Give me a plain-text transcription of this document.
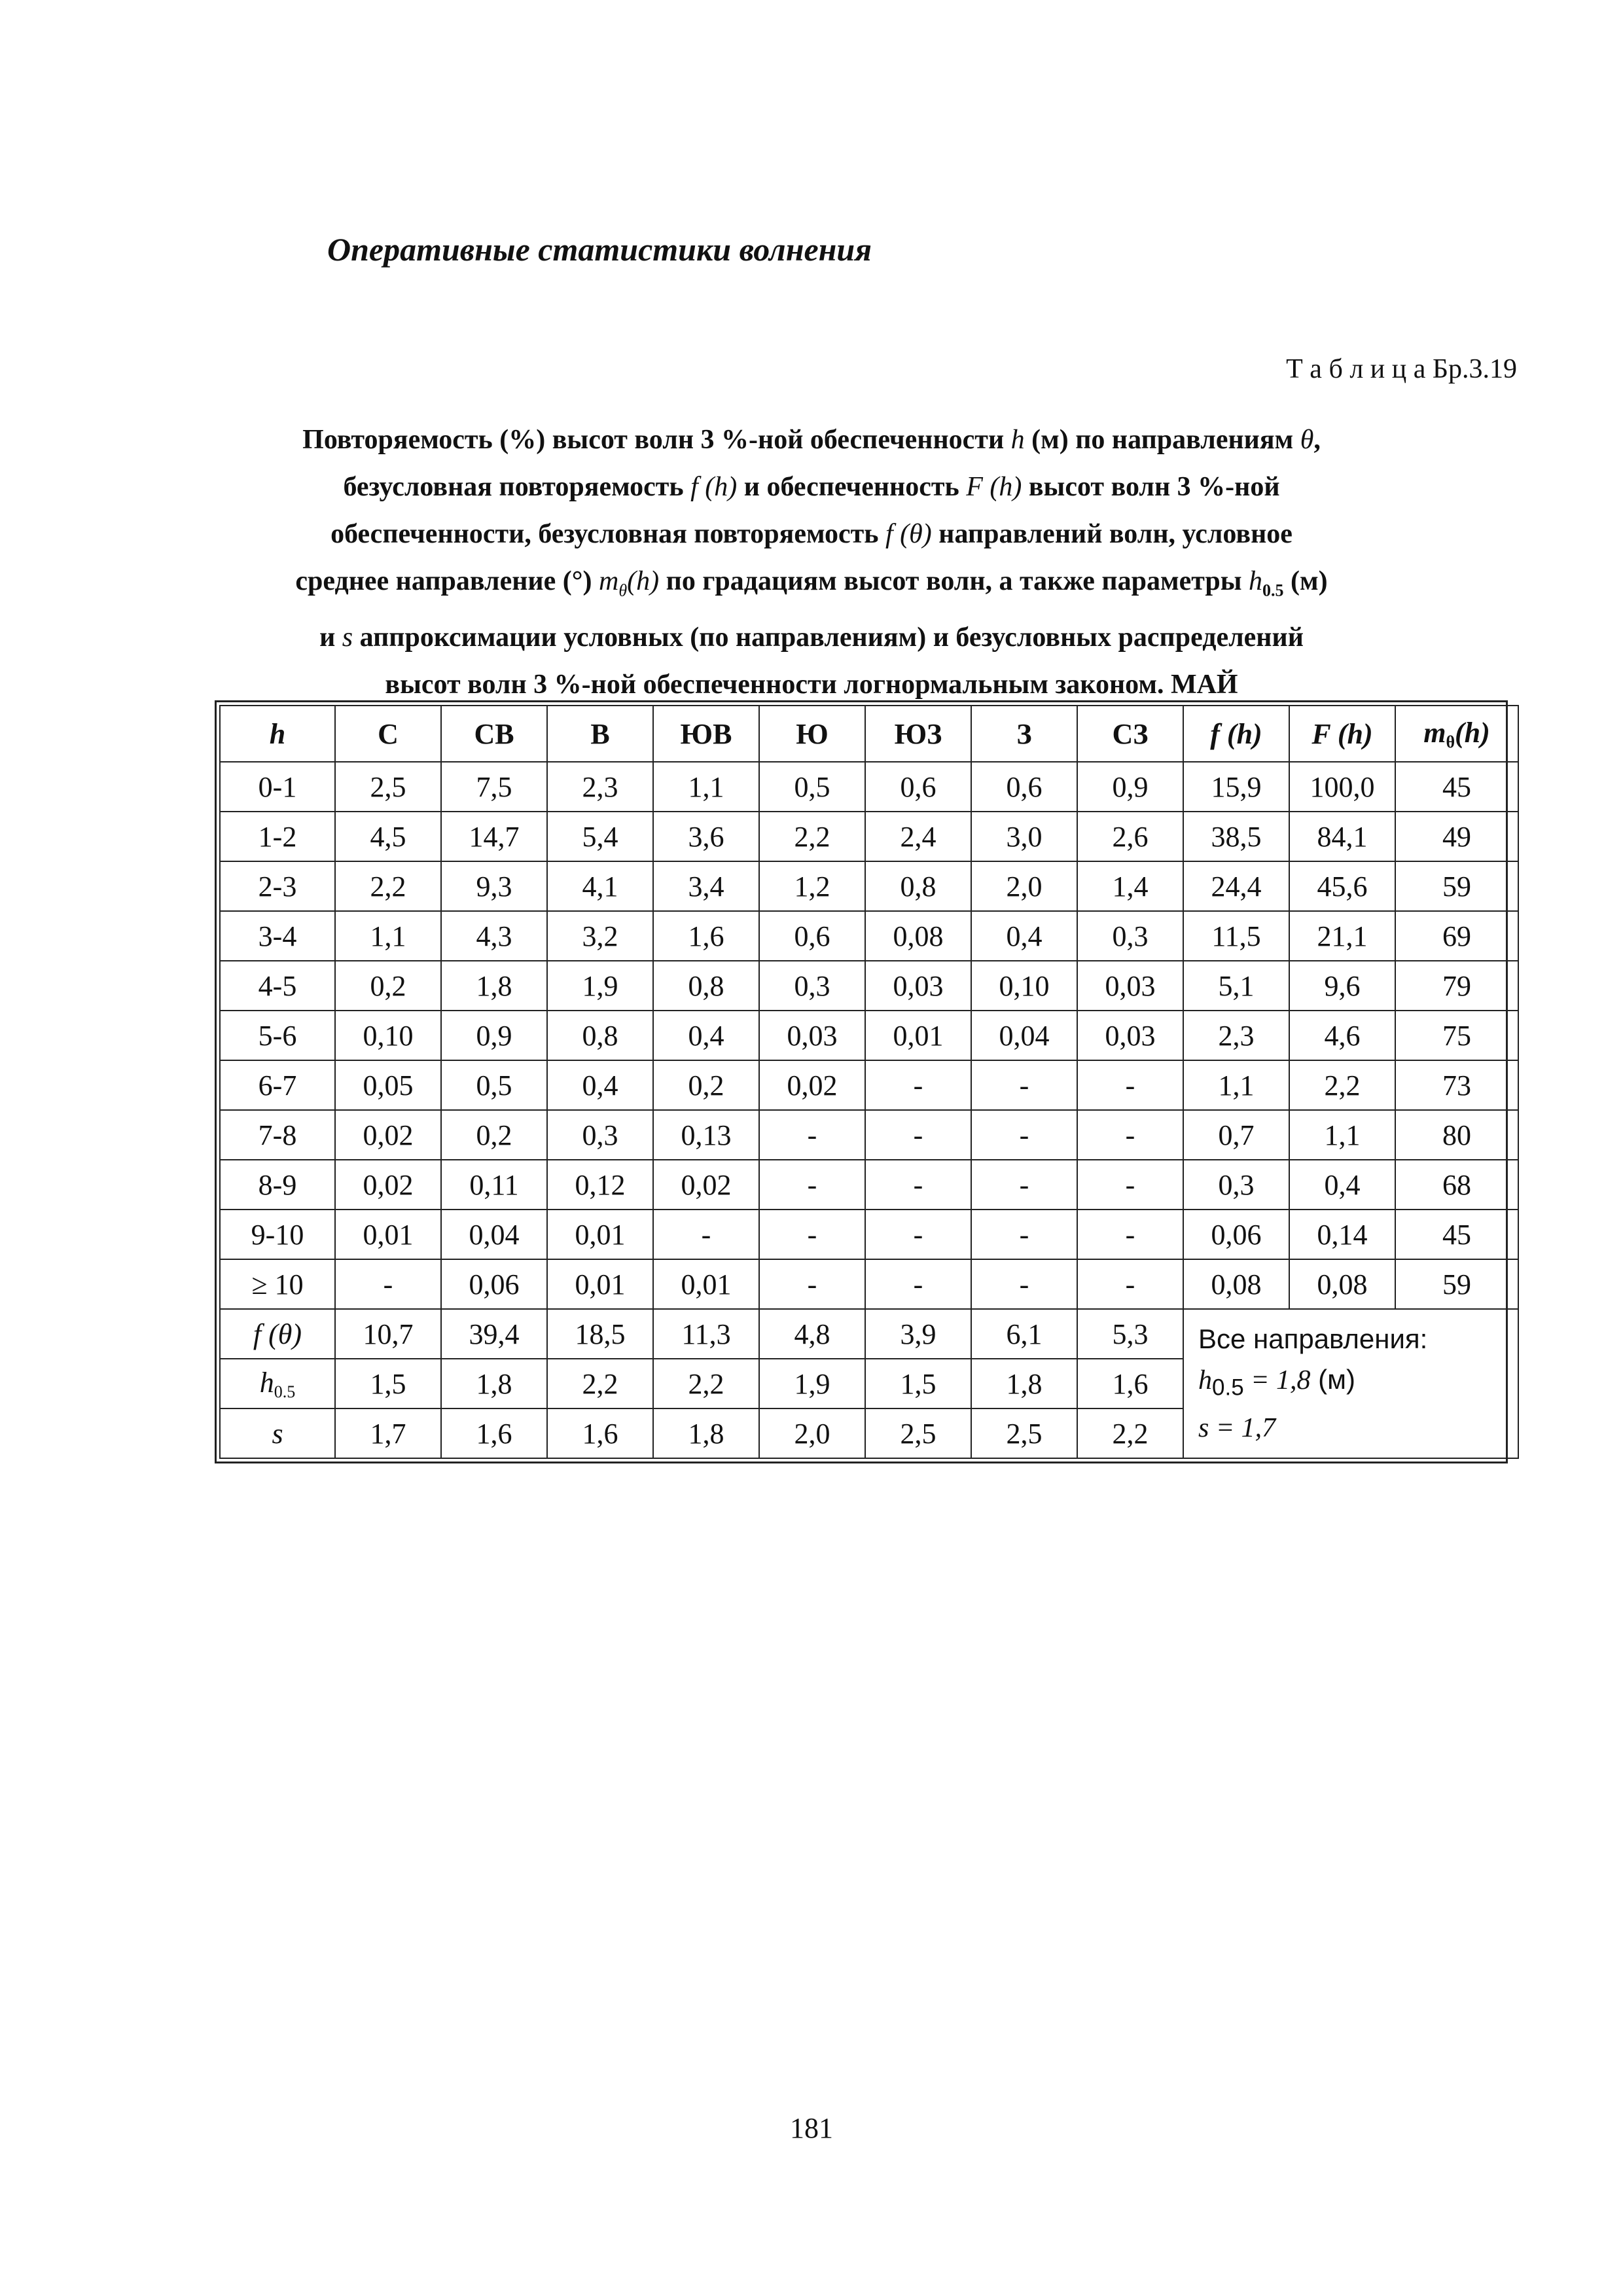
Оперативные статистики волнения
Т а б л и ц а Бр.3.19
Повторяемость (%) высот волн 3 %-ной обеспеченности h (м) по направлениям θ,
безусловная повторяемость f (h) и обеспеченность F (h) высот волн 3 %-ной
обеспеченности, безусловная повторяемость f (θ) направлений волн, условное
среднее направление (°) $m_\theta(h)$ по градациям высот волн, а также параметры $h_{0.5}$ (м)
и s аппроксимации условных (по направлениям) и безусловных распределений
высот волн 3 %-ной обеспеченности логнормальным законом. МАЙ
h	С	СВ	В	ЮВ	Ю	ЮЗ	З	СЗ	f (h)	F (h)	$m_\theta(h)$
0-1	2,5	7,5	2,3	1,1	0,5	0,6	0,6	0,9	15,9	100,0	45
1-2	4,5	14,7	5,4	3,6	2,2	2,4	3,0	2,6	38,5	84,1	49
2-3	2,2	9,3	4,1	3,4	1,2	0,8	2,0	1,4	24,4	45,6	59
3-4	1,1	4,3	3,2	1,6	0,6	0,08	0,4	0,3	11,5	21,1	69
4-5	0,2	1,8	1,9	0,8	0,3	0,03	0,10	0,03	5,1	9,6	79
5-6	0,10	0,9	0,8	0,4	0,03	0,01	0,04	0,03	2,3	4,6	75
6-7	0,05	0,5	0,4	0,2	0,02	-	-	-	1,1	2,2	73
7-8	0,02	0,2	0,3	0,13	-	-	-	-	0,7	1,1	80
8-9	0,02	0,11	0,12	0,02	-	-	-	-	0,3	0,4	68
9-10	0,01	0,04	0,01	-	-	-	-	-	0,06	0,14	45
≥ 10	-	0,06	0,01	0,01	-	-	-	-	0,08	0,08	59
f (θ)	10,7	39,4	18,5	11,3	4,8	3,9	6,1	5,3	Все направления:
$h_{0.5} = 1,8$ (м)
s = 1,7		

$h_{0.5}$	1,5	1,8	2,2	2,2	1,9	1,5	1,8	1,6			
s	1,7	1,6	1,6	1,8	2,0	2,5	2,5	2,2			
181
